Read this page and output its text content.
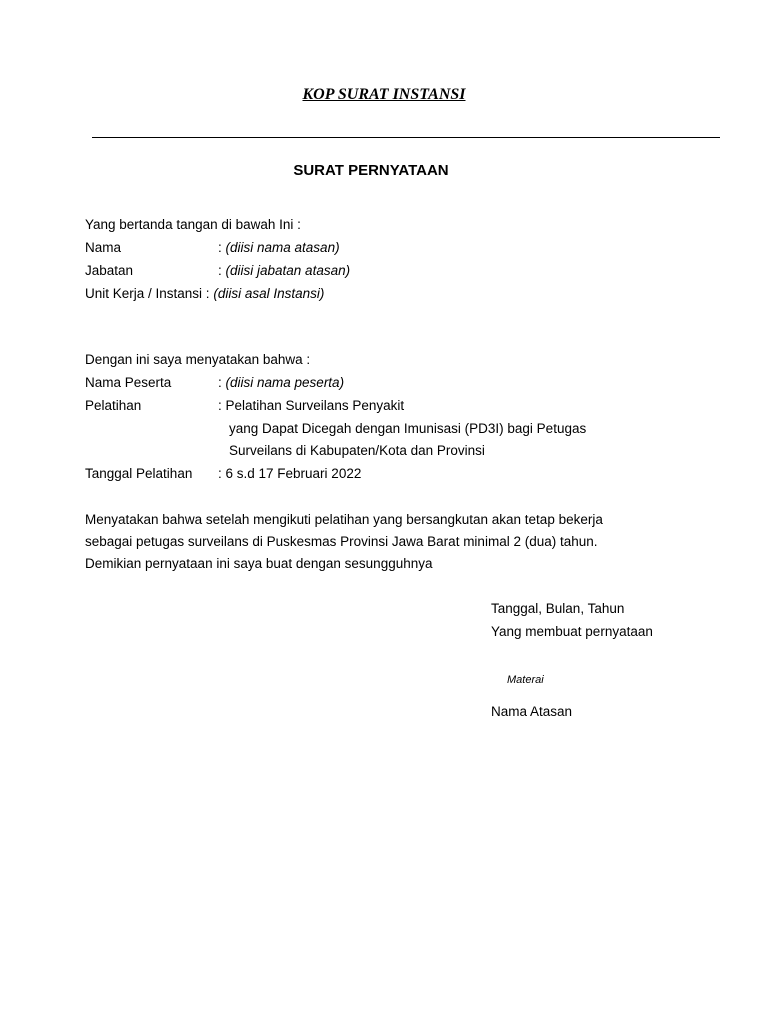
KOP SURAT INSTANSI
SURAT PERNYATAAN
Yang bertanda tangan di bawah Ini :
Nama	: (diisi nama atasan)
Jabatan	: (diisi jabatan atasan)
Unit Kerja / Instansi : (diisi asal Instansi)
Dengan ini saya menyatakan bahwa :
Nama Peserta	: (diisi nama peserta)
Pelatihan	: Pelatihan Surveilans Penyakit
yang Dapat Dicegah dengan Imunisasi (PD3I) bagi Petugas
Surveilans di Kabupaten/Kota dan Provinsi
Tanggal Pelatihan : 6 s.d 17 Februari 2022
Menyatakan bahwa setelah mengikuti pelatihan yang bersangkutan akan tetap bekerja
sebagai petugas surveilans di Puskesmas Provinsi Jawa Barat minimal 2 (dua) tahun.
Demikian pernyataan ini saya buat dengan sesungguhnya
Tanggal, Bulan, Tahun
Yang membuat pernyataan
Materai
Nama Atasan
